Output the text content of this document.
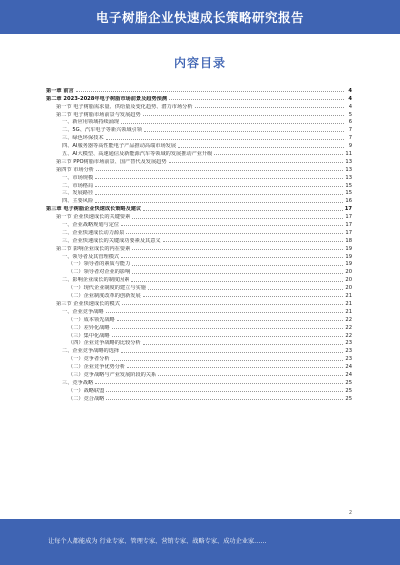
电子树脂企业快速成长策略研究报告
内容目录
第一章 前言	4
第二章 2023-2028年电子树脂市场前景及趋势预测	4
第一节 电子树脂需求量、供给量及变化趋势、潜力市场分析	4
第二节 电子树脂市场前景与发展趋势	5
一、新应用领域持续涌现	6
二、5G、汽车电子等新兴领域引领	7
三、绿色环保技术	7
四、AI服务器等高性能电子产品推动高端市场发展	9
五、AI大模型、高速通信及新能源汽车等领域的发展推动产业升级	11
第三节 PPO树脂市场前景、国产替代及发展趋势	13
第四节 市场分析	13
一、市场规模	13
二、市场格局	15
三、发展路径	15
四、主要风险	16
第三章 电子树脂企业快速成长策略及建议	17
第一节 企业快速成长的关键要素	17
一、企业战略规划与定位	17
二、企业快速成长动力源泉	17
三、企业快速成长的关键成功要素及其意义	18
第二节 影响企业成长的内在要素	19
一、领导者及其管理模式	19
（一）领导者的素质与能力	19
（二）领导者对企业的影响	20
二、影响企业成长的制度因素	20
（一）现代企业制度的建立与实施	20
（二）企业制度改革的创新发展	21
第三节 企业快速成长的模式	21
一、企业竞争战略	21
（一）成本领先战略	22
（二）差异化战略	22
（三）集中化战略	22
（四）企业竞争战略的比较分析	23
二、企业竞争战略的选择	23
（一）竞争者分析	23
（二）企业竞争优势分析	24
（三）竞争战略与产业发展阶段的关系	24
三、竞争战略	25
（一）战略联盟	25
（二）竞合战略	25
2
让每个人都能成为 行业专家、管理专家、营销专家、战略专家、成功企业家……
